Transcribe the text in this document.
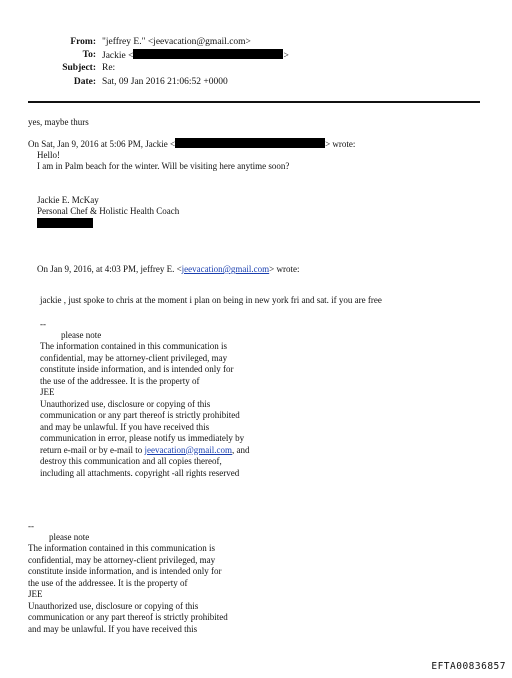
From: "jeffrey E." <jeevacation@gmail.com>
To: Jackie <	>
Subject: Re:
Date: Sat, 09 Jan 2016 21:06:52 +0000
yes, maybe thurs
On Sat, Jan 9, 2016 at 5:06 PM, Jackie <	> wrote:
Hello!
I am in Palm beach for the winter. Will be visiting here anytime soon?
Jackie E. McKay
Personal Chef & Holistic Health Coach
On Jan 9, 2016, at 4:03 PM, jeffrey E. <jeevacation@gmail.com> wrote:
jackie , just spoke to chris at the moment i plan on being in new york fri and sat. if you are free
--
please note
The information contained in this communication is
confidential, may be attorney-client privileged, may
constitute inside information, and is intended only for
the use of the addressee. It is the property of
JEE
Unauthorized use, disclosure or copying of this
communication or any part thereof is strictly prohibited
and may be unlawful. If you have received this
communication in error, please notify us immediately by
return e-mail or by e-mail to jeevacation@gmail.com, and
destroy this communication and all copies thereof,
including all attachments. copyright -all rights reserved
--
please note
The information contained in this communication is
confidential, may be attorney-client privileged, may
constitute inside information, and is intended only for
the use of the addressee. It is the property of
JEE
Unauthorized use, disclosure or copying of this
communication or any part thereof is strictly prohibited
and may be unlawful. If you have received this
EFTA00836857
